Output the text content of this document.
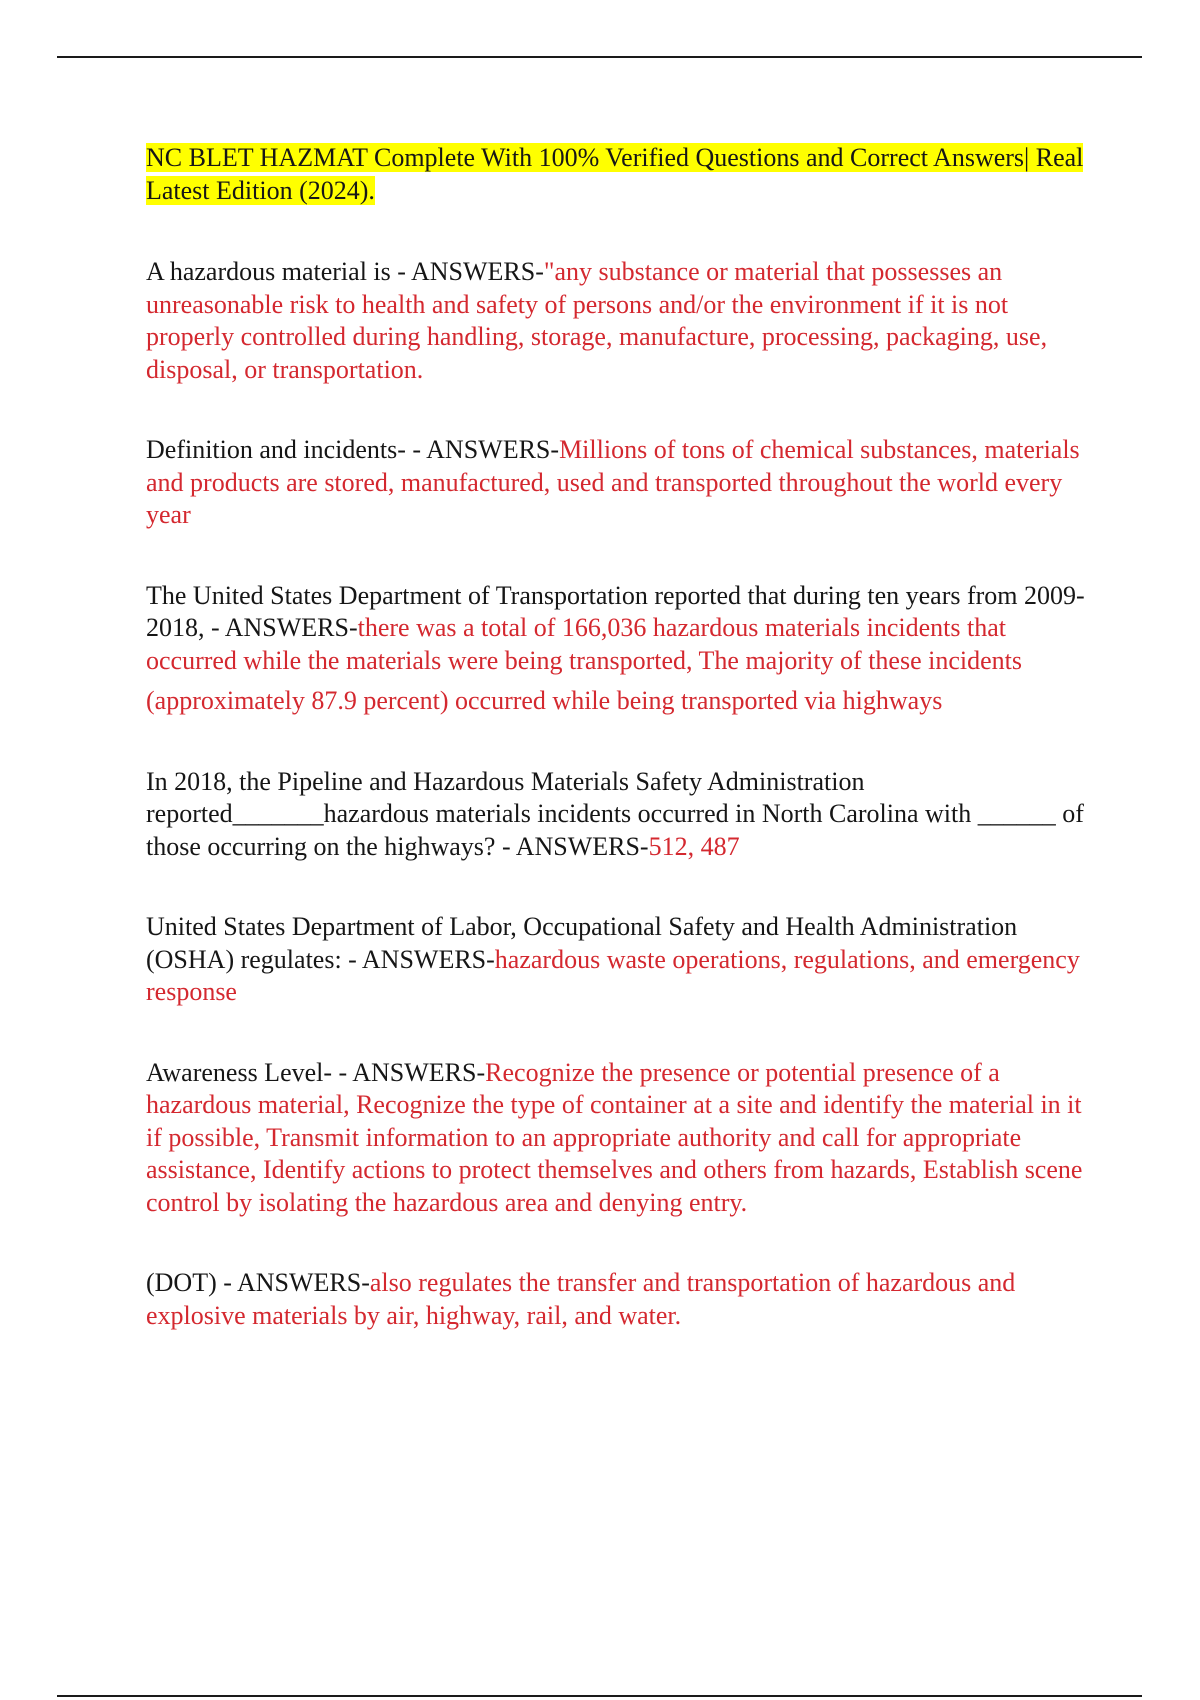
NC BLET HAZMAT Complete With 100% Verified Questions and Correct Answers| Real Latest Edition (2024).

A hazardous material is - ANSWERS-"any substance or material that possesses an unreasonable risk to health and safety of persons and/or the environment if it is not properly controlled during handling, storage, manufacture, processing, packaging, use, disposal, or transportation.

Definition and incidents- - ANSWERS-Millions of tons of chemical substances, materials and products are stored, manufactured, used and transported throughout the world every year

The United States Department of Transportation reported that during ten years from 2009-2018, - ANSWERS-there was a total of 166,036 hazardous materials incidents that occurred while the materials were being transported, The majority of these incidents

(approximately 87.9 percent) occurred while being transported via highways

In 2018, the Pipeline and Hazardous Materials Safety Administration reported_______hazardous materials incidents occurred in North Carolina with ______ of those occurring on the highways? - ANSWERS-512, 487

United States Department of Labor, Occupational Safety and Health Administration (OSHA) regulates: - ANSWERS-hazardous waste operations, regulations, and emergency response

Awareness Level- - ANSWERS-Recognize the presence or potential presence of a hazardous material, Recognize the type of container at a site and identify the material in it if possible, Transmit information to an appropriate authority and call for appropriate assistance, Identify actions to protect themselves and others from hazards, Establish scene control by isolating the hazardous area and denying entry.

(DOT) - ANSWERS-also regulates the transfer and transportation of hazardous and explosive materials by air, highway, rail, and water.
